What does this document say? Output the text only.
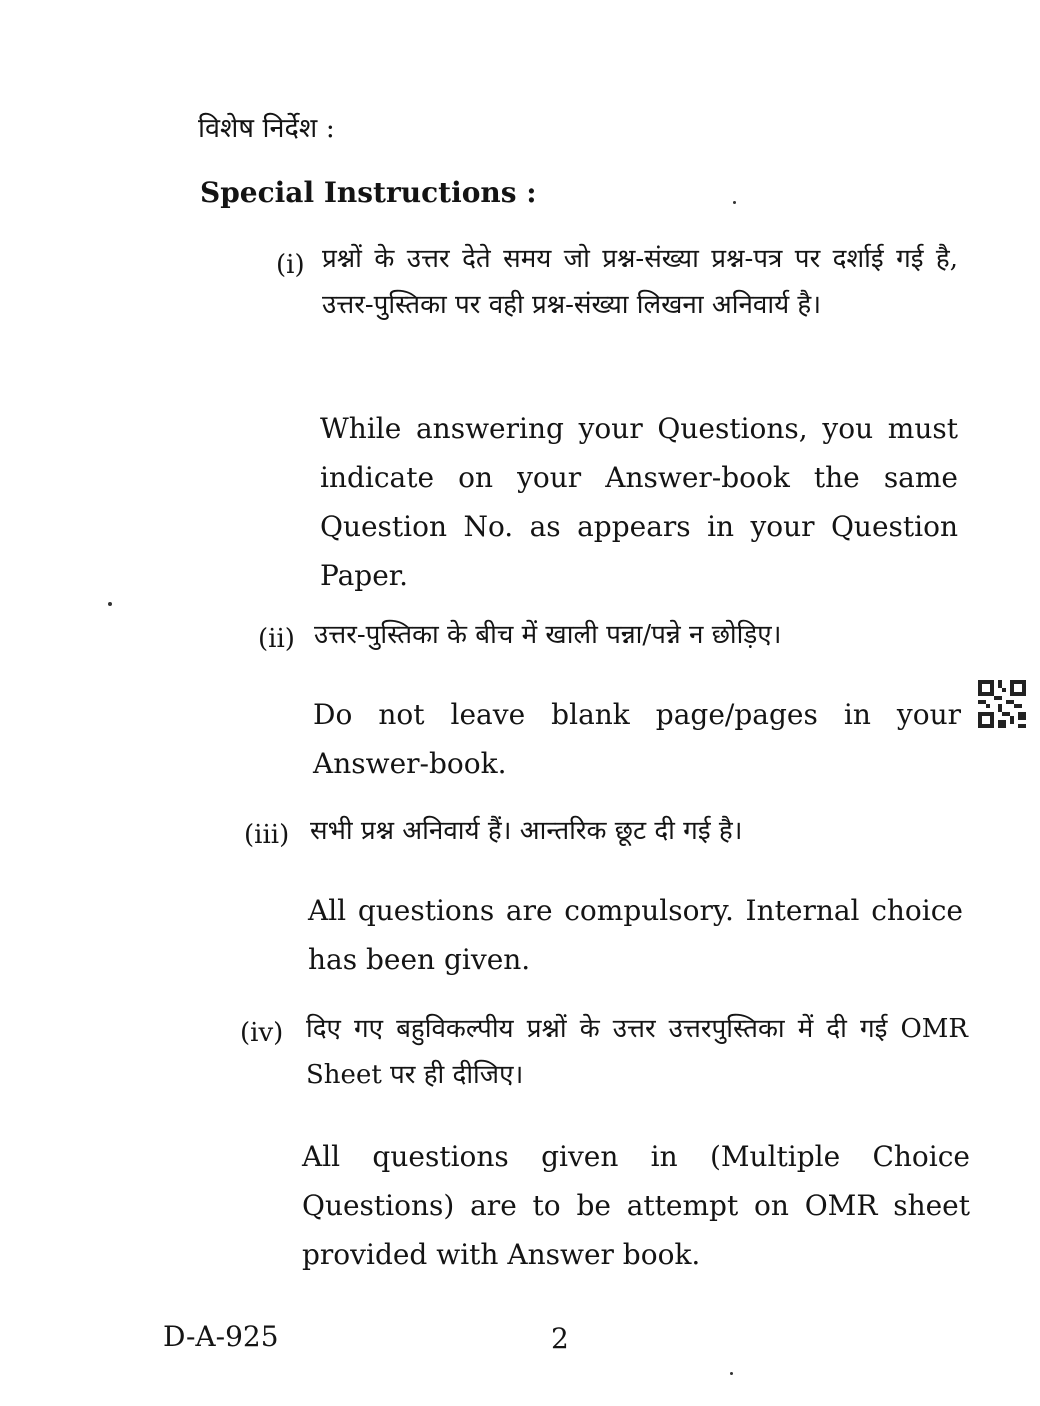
विशेष निर्देश :
Special Instructions :
(i) प्रश्नों के उत्तर देते समय जो प्रश्न-संख्या प्रश्न-पत्र पर दर्शाई गई है, उत्तर-पुस्तिका पर वही प्रश्न-संख्या लिखना अनिवार्य है।
While answering your Questions, you must indicate on your Answer-book the same Question No. as appears in your Question Paper.
(ii) उत्तर-पुस्तिका के बीच में खाली पन्ना/पन्ने न छोड़िए।
Do not leave blank page/pages in your Answer-book.
(iii) सभी प्रश्न अनिवार्य हैं। आन्तरिक छूट दी गई है।
All questions are compulsory. Internal choice has been given.
(iv) दिए गए बहुविकल्पीय प्रश्नों के उत्तर उत्तरपुस्तिका में दी गई OMR Sheet पर ही दीजिए।
All questions given in (Multiple Choice Questions) are to be attempt on OMR sheet provided with Answer book.
D-A-925	2
